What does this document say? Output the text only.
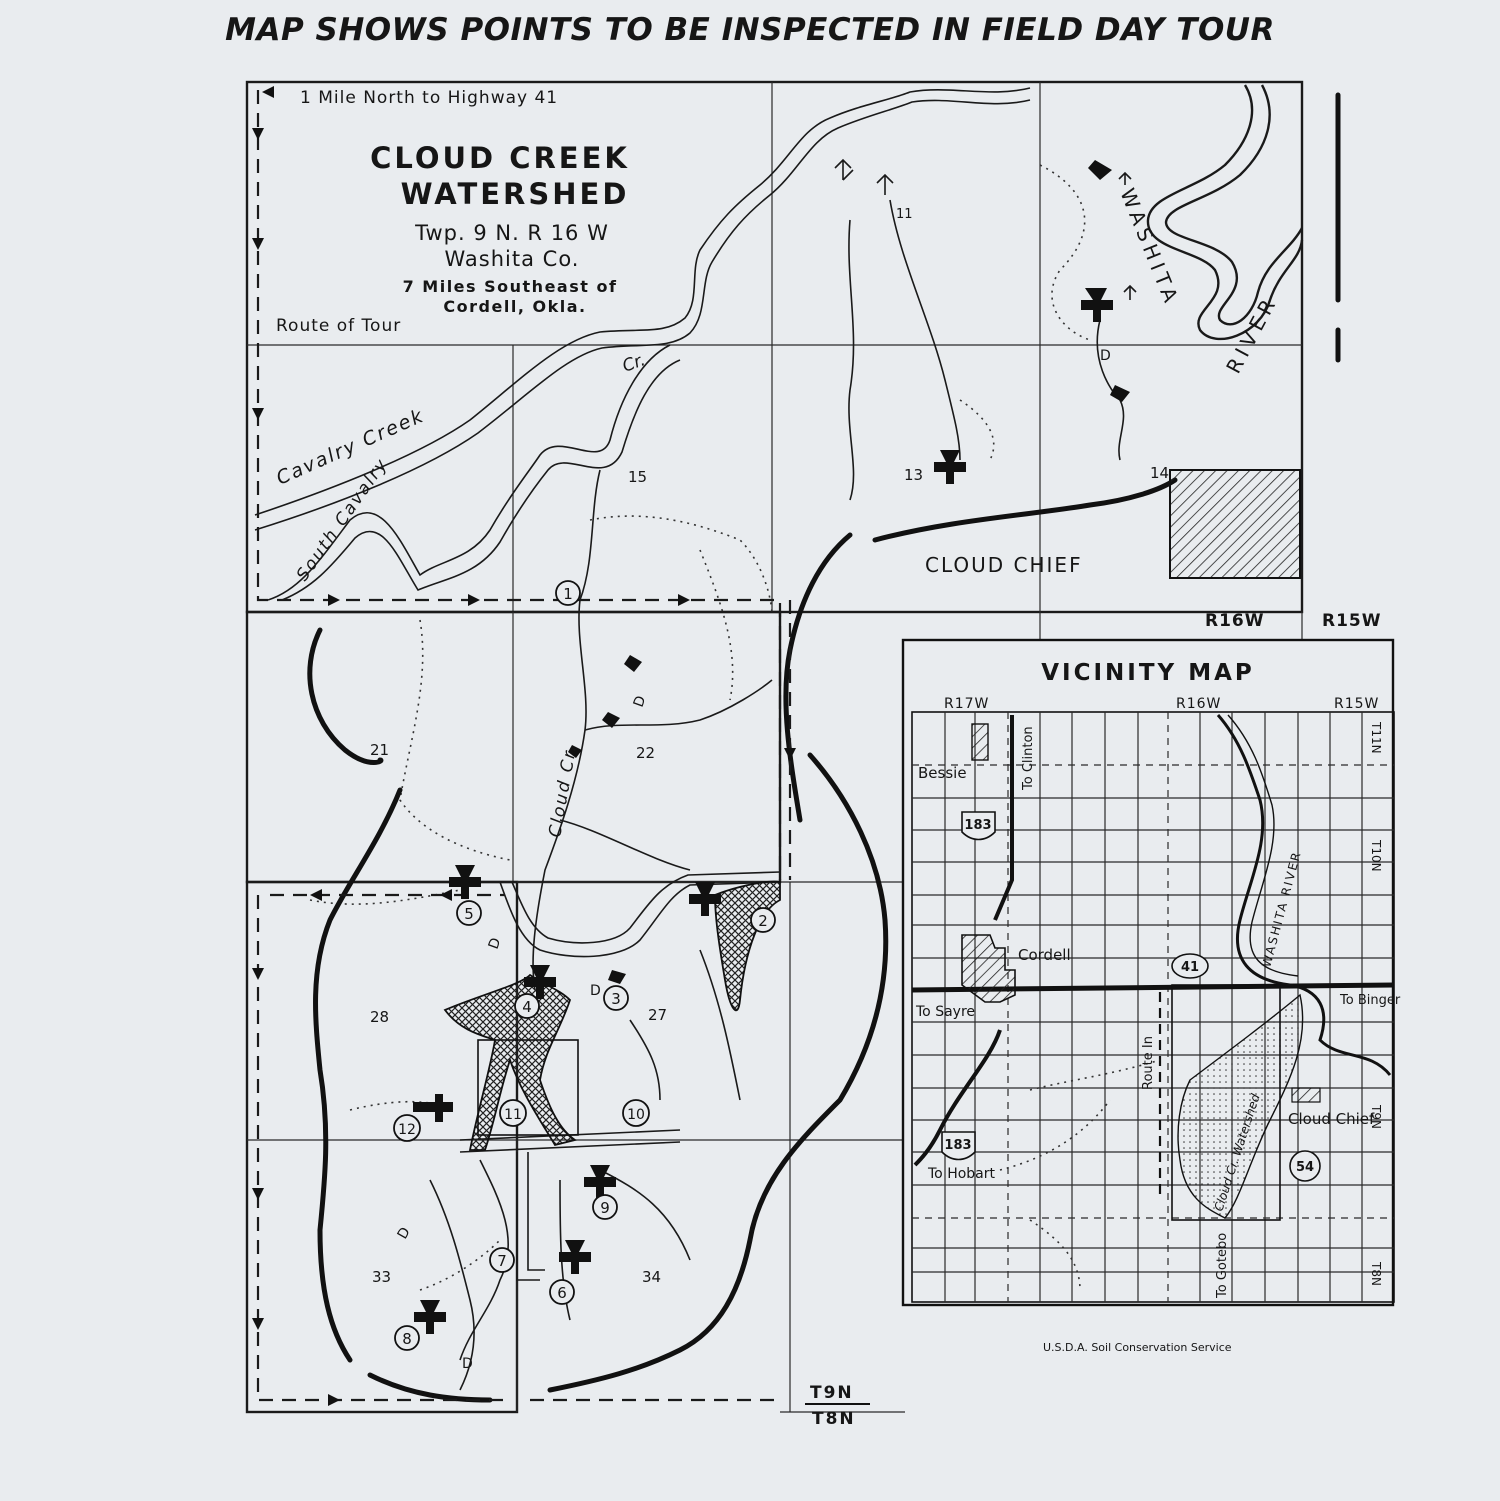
MAP SHOWS POINTS TO BE INSPECTED IN FIELD DAY TOUR
1
2
3
4
5
6
7
8
9
10
11
12
1 Mile North to Highway 41
CLOUD CREEK
WATERSHED
Twp. 9 N. R 16 W
Washita Co.
7 Miles Southeast of
Cordell, Okla.
Route of Tour
Cavalry Creek
Cr.
South Cavalry
Cloud Cr.
WASHITA
RIVER
CLOUD CHIEF
D
D
D
D
D
D
13	14
15
21	22
27
28
33	34
11
R16W	R15W
T9N
T8N
183
41
183
54
VICINITY MAP
R17W	R16W	R15W
T11N
T10N
T9N
T8N
Bessie
Cordell
Cloud Chief
To Clinton
To Sayre
To Binger
To Hobart
To Gotebo
Route In
WASHITA RIVER
Cloud Cr. Watershed
U.S.D.A. Soil Conservation Service
